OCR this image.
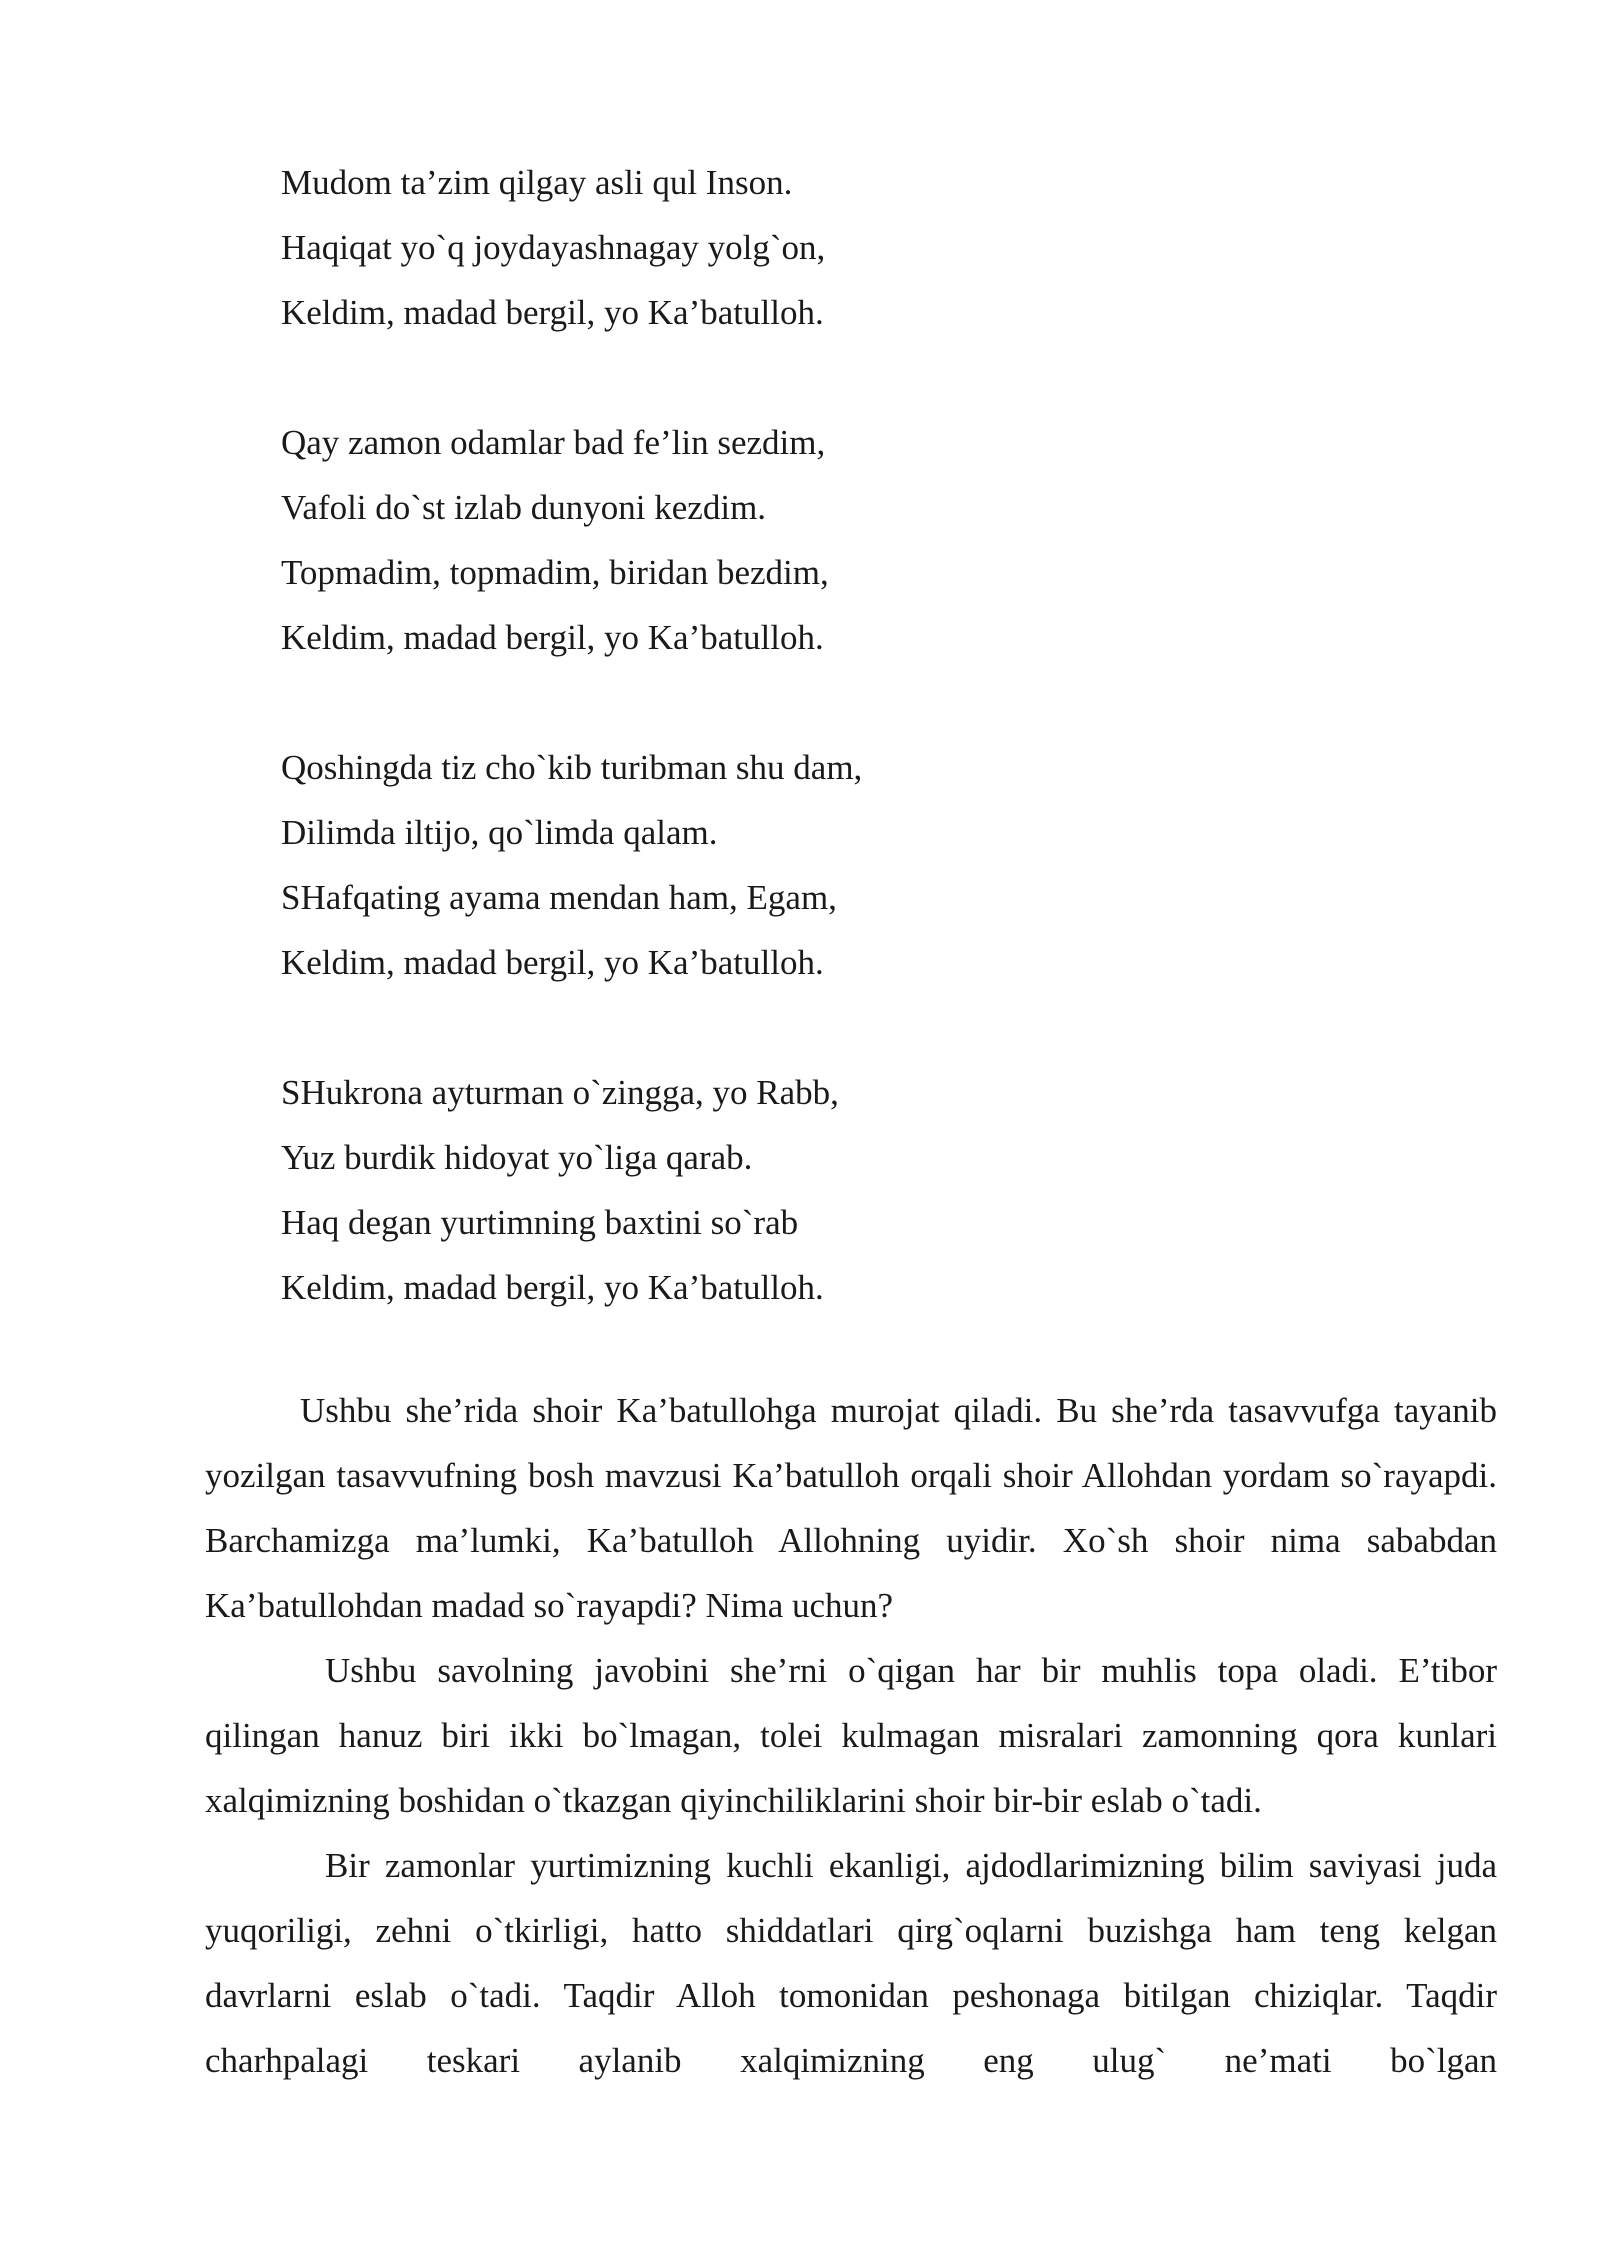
Mudom ta’zim qilgay asli qul Inson.
Haqiqat yo`q joydayashnagay yolg`on,
Keldim, madad bergil, yo Ka’batulloh.
Qay zamon odamlar bad fe’lin sezdim,
Vafoli do`st izlab dunyoni kezdim.
Topmadim, topmadim, biridan bezdim,
Keldim, madad bergil, yo Ka’batulloh.
Qoshingda tiz cho`kib turibman shu dam,
Dilimda iltijo, qo`limda qalam.
SHafqating ayama mendan ham, Egam,
Keldim, madad bergil, yo Ka’batulloh.
SHukrona ayturman o`zingga, yo Rabb,
Yuz burdik hidoyat yo`liga qarab.
Haq degan yurtimning baxtini so`rab
Keldim, madad bergil, yo Ka’batulloh.

Ushbu she’rida shoir Ka’batullohga murojat qiladi. Bu she’rda tasavvufga tayanib yozilgan tasavvufning bosh mavzusi Ka’batulloh orqali shoir Allohdan yordam so`rayapdi. Barchamizga ma’lumki, Ka’batulloh Allohning uyidir. Xo`sh shoir nima sababdan Ka’batullohdan madad so`rayapdi? Nima uchun?

Ushbu savolning javobini she’rni o`qigan har bir muhlis topa oladi. E’tibor qilingan hanuz biri ikki bo`lmagan, tolei kulmagan misralari zamonning qora kunlari xalqimizning boshidan o`tkazgan qiyinchiliklarini shoir bir-bir eslab o`tadi.

Bir zamonlar yurtimizning kuchli ekanligi, ajdodlarimizning bilim saviyasi juda yuqoriligi, zehni o`tkirligi, hatto shiddatlari qirg`oqlarni buzishga ham teng kelgan davrlarni eslab o`tadi. Taqdir Alloh tomonidan peshonaga bitilgan chiziqlar. Taqdir charhpalagi teskari aylanib xalqimizning eng ulug` ne’mati bo`lgan
